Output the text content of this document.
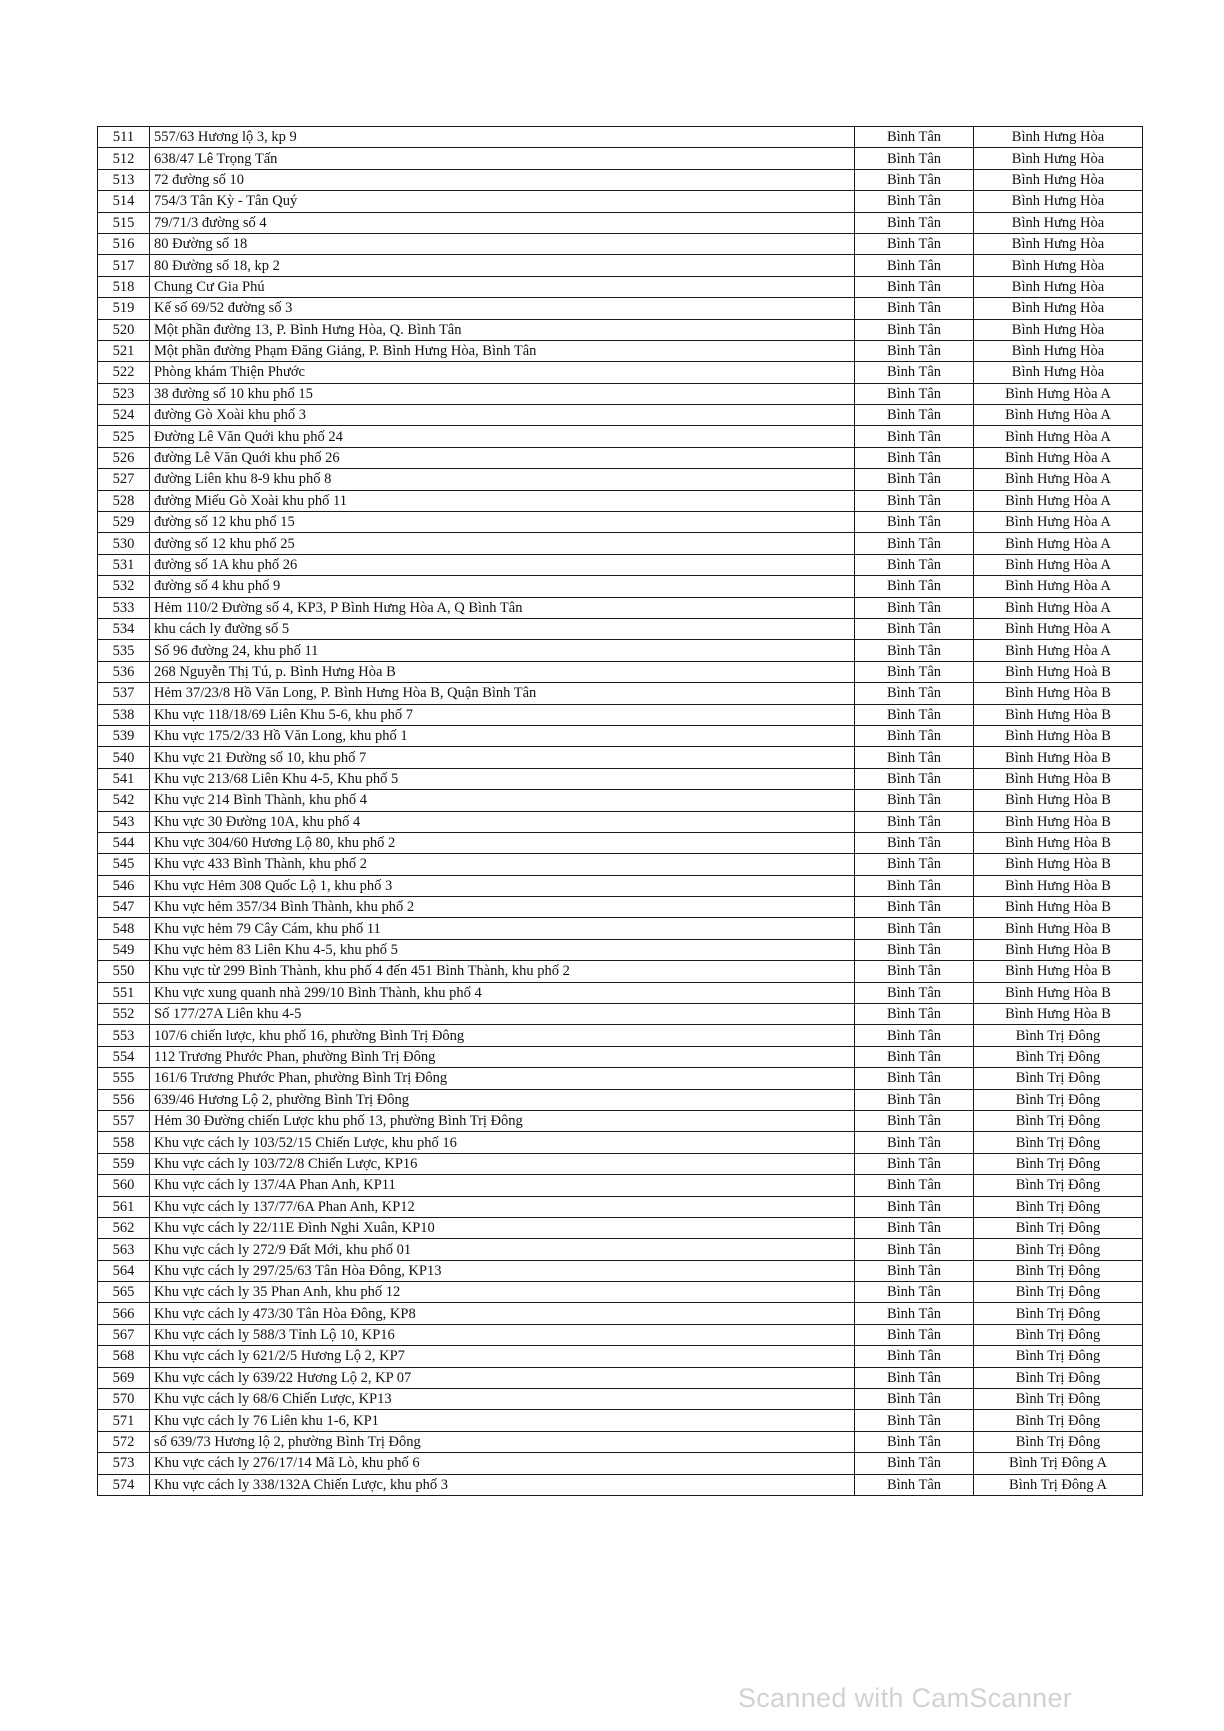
511	557/63 Hương lộ 3, kp 9	Bình Tân	Bình Hưng Hòa
512	638/47 Lê Trọng Tấn	Bình Tân	Bình Hưng Hòa
513	72 đường số 10	Bình Tân	Bình Hưng Hòa
514	754/3 Tân Kỳ - Tân Quý	Bình Tân	Bình Hưng Hòa
515	79/71/3 đường số 4	Bình Tân	Bình Hưng Hòa
516	80 Đường số 18	Bình Tân	Bình Hưng Hòa
517	80 Đường số 18, kp 2	Bình Tân	Bình Hưng Hòa
518	Chung Cư Gia Phú	Bình Tân	Bình Hưng Hòa
519	Kế số 69/52 đường số 3	Bình Tân	Bình Hưng Hòa
520	Một phần đường 13, P. Bình Hưng Hòa, Q. Bình Tân	Bình Tân	Bình Hưng Hòa
521	Một phần đường Phạm Đăng Giảng, P. Bình Hưng Hòa, Bình Tân	Bình Tân	Bình Hưng Hòa
522	Phòng khám Thiện Phước	Bình Tân	Bình Hưng Hòa
523	38 đường số 10 khu phố 15	Bình Tân	Bình Hưng Hòa A
524	đường Gò Xoài khu phố 3	Bình Tân	Bình Hưng Hòa A
525	Đường Lê Văn Quới khu phố 24	Bình Tân	Bình Hưng Hòa A
526	đường Lê Văn Quới khu phố 26	Bình Tân	Bình Hưng Hòa A
527	đường Liên khu 8-9 khu phố 8	Bình Tân	Bình Hưng Hòa A
528	đường Miếu Gò Xoài khu phố 11	Bình Tân	Bình Hưng Hòa A
529	đường số 12 khu phố 15	Bình Tân	Bình Hưng Hòa A
530	đường số 12 khu phố 25	Bình Tân	Bình Hưng Hòa A
531	đường số 1A khu phố 26	Bình Tân	Bình Hưng Hòa A
532	đường số 4 khu phố 9	Bình Tân	Bình Hưng Hòa A
533	Hẻm 110/2 Đường số 4, KP3, P Bình Hưng Hòa A, Q Bình Tân	Bình Tân	Bình Hưng Hòa A
534	khu cách ly đường số 5	Bình Tân	Bình Hưng Hòa A
535	Số 96 đường 24, khu phố 11	Bình Tân	Bình Hưng Hòa A
536	268 Nguyễn Thị Tú, p. Bình Hưng Hòa B	Bình Tân	Bình Hưng Hoà B
537	Hẻm 37/23/8 Hồ Văn Long, P. Bình Hưng Hòa B, Quận Bình Tân	Bình Tân	Bình Hưng Hòa B
538	Khu vực 118/18/69 Liên Khu 5-6, khu phố 7	Bình Tân	Bình Hưng Hòa B
539	Khu vực 175/2/33 Hồ Văn Long, khu phố 1	Bình Tân	Bình Hưng Hòa B
540	Khu vực 21 Đường số 10, khu phố 7	Bình Tân	Bình Hưng Hòa B
541	Khu vực 213/68 Liên Khu 4-5, Khu phố 5	Bình Tân	Bình Hưng Hòa B
542	Khu vực 214 Bình Thành, khu phố 4	Bình Tân	Bình Hưng Hòa B
543	Khu vực 30 Đường 10A, khu phố 4	Bình Tân	Bình Hưng Hòa B
544	Khu vực 304/60 Hương Lộ 80, khu phố 2	Bình Tân	Bình Hưng Hòa B
545	Khu vực 433 Bình Thành, khu phố 2	Bình Tân	Bình Hưng Hòa B
546	Khu vực Hẻm 308 Quốc Lộ 1, khu phố 3	Bình Tân	Bình Hưng Hòa B
547	Khu vực hẻm 357/34 Bình Thành, khu phố 2	Bình Tân	Bình Hưng Hòa B
548	Khu vực hẻm 79 Cây Cám, khu phố 11	Bình Tân	Bình Hưng Hòa B
549	Khu vực hẻm 83 Liên Khu 4-5, khu phố 5	Bình Tân	Bình Hưng Hòa B
550	Khu vực từ 299 Bình Thành, khu phố 4 đến 451 Bình Thành, khu phố 2	Bình Tân	Bình Hưng Hòa B
551	Khu vực xung quanh nhà 299/10 Bình Thành, khu phố 4	Bình Tân	Bình Hưng Hòa B
552	Số 177/27A Liên khu 4-5	Bình Tân	Bình Hưng Hòa B
553	107/6 chiến lược, khu phố 16, phường Bình Trị Đông	Bình Tân	Bình Trị Đông
554	112 Trương Phước Phan, phường Bình Trị Đông	Bình Tân	Bình Trị Đông
555	161/6 Trương Phước Phan, phường Bình Trị Đông	Bình Tân	Bình Trị Đông
556	639/46 Hương Lộ 2, phường Bình Trị Đông	Bình Tân	Bình Trị Đông
557	Hẻm 30 Đường chiến Lược khu phố 13, phường Bình Trị Đông	Bình Tân	Bình Trị Đông
558	Khu vực cách ly 103/52/15 Chiến Lược, khu phố 16	Bình Tân	Bình Trị Đông
559	Khu vực cách ly 103/72/8 Chiến Lược, KP16	Bình Tân	Bình Trị Đông
560	Khu vực cách ly 137/4A Phan Anh, KP11	Bình Tân	Bình Trị Đông
561	Khu vực cách ly 137/77/6A Phan Anh, KP12	Bình Tân	Bình Trị Đông
562	Khu vực cách ly 22/11E Đình Nghi Xuân, KP10	Bình Tân	Bình Trị Đông
563	Khu vực cách ly 272/9 Đất Mới, khu phố 01	Bình Tân	Bình Trị Đông
564	Khu vực cách ly 297/25/63 Tân Hòa Đông, KP13	Bình Tân	Bình Trị Đông
565	Khu vực cách ly 35 Phan Anh, khu phố 12	Bình Tân	Bình Trị Đông
566	Khu vực cách ly 473/30 Tân Hòa Đông, KP8	Bình Tân	Bình Trị Đông
567	Khu vực cách ly 588/3 Tỉnh Lộ 10, KP16	Bình Tân	Bình Trị Đông
568	Khu vực cách ly 621/2/5 Hương Lộ 2, KP7	Bình Tân	Bình Trị Đông
569	Khu vực cách ly 639/22 Hương Lộ 2, KP 07	Bình Tân	Bình Trị Đông
570	Khu vực cách ly 68/6 Chiến Lược, KP13	Bình Tân	Bình Trị Đông
571	Khu vực cách ly 76 Liên khu 1-6, KP1	Bình Tân	Bình Trị Đông
572	số 639/73 Hương lộ 2, phường Bình Trị Đông	Bình Tân	Bình Trị Đông
573	Khu vực cách ly 276/17/14 Mã Lò, khu phố 6	Bình Tân	Bình Trị Đông A
574	Khu vực cách ly 338/132A Chiến Lược, khu phố 3	Bình Tân	Bình Trị Đông A
Scanned with CamScanner
